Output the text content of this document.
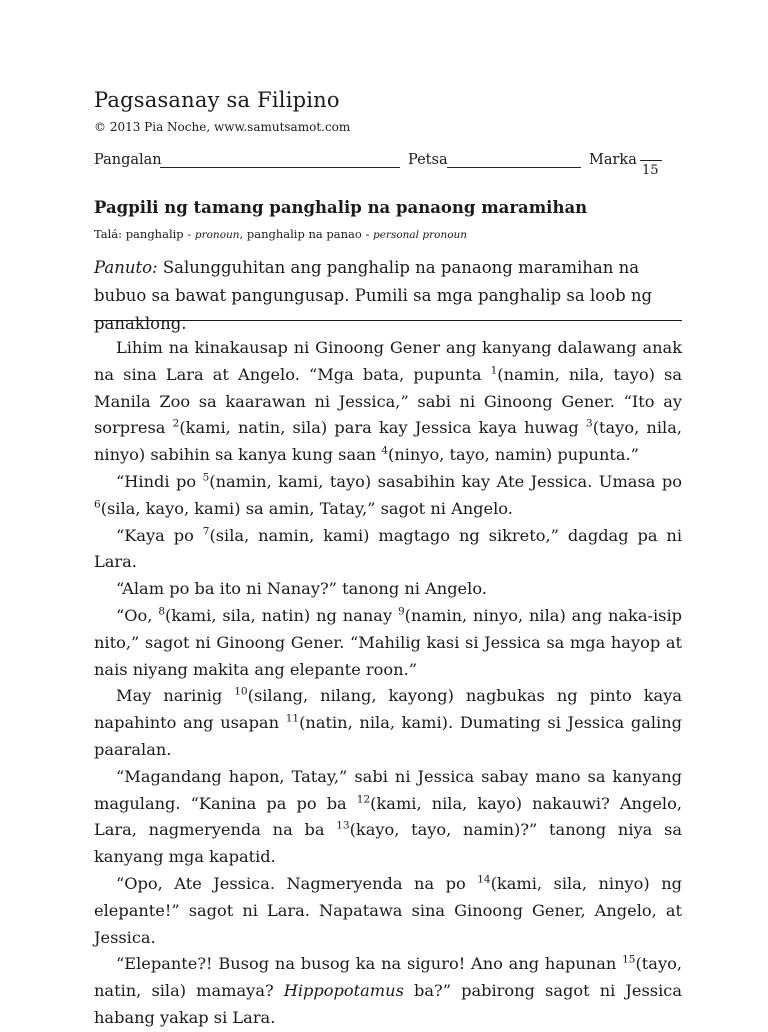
Pagsasanay sa Filipino
© 2013 Pia Noche, www.samutsamot.com
Pangalan	Petsa	Marka
15
Pagpili ng tamang panghalip na panaong maramihan
Talá: panghalip - pronoun, panghalip na panao - personal pronoun

Panuto: Salungguhitan ang panghalip na panaong maramihan na bubuo sa bawat pangungusap. Pumili sa mga panghalip sa loob ng panaklong.

Lihim na kinakausap ni Ginoong Gener ang kanyang dalawang anak na sina Lara at Angelo. “Mga bata, pupunta $^1$(namin, nila, tayo) sa Manila Zoo sa kaarawan ni Jessica,” sabi ni Ginoong Gener. “Ito ay sorpresa $^2$(kami, natin, sila) para kay Jessica kaya huwag $^3$(tayo, nila, ninyo) sabihin sa kanya kung saan $^4$(ninyo, tayo, namin) pupunta.”

“Hindi po $^5$(namin, kami, tayo) sasabihin kay Ate Jessica. Umasa po $^6$(sila, kayo, kami) sa amin, Tatay,” sagot ni Angelo.

“Kaya po $^7$(sila, namin, kami) magtago ng sikreto,” dagdag pa ni Lara.

“Alam po ba ito ni Nanay?” tanong ni Angelo.

“Oo, $^8$(kami, sila, natin) ng nanay $^9$(namin, ninyo, nila) ang naka-isip nito,” sagot ni Ginoong Gener. “Mahilig kasi si Jessica sa mga hayop at nais niyang makita ang elepante roon.”

May narinig $^{10}$(silang, nilang, kayong) nagbukas ng pinto kaya napahinto ang usapan $^{11}$(natin, nila, kami). Dumating si Jessica galing paaralan.

“Magandang hapon, Tatay,” sabi ni Jessica sabay mano sa kanyang magulang. “Kanina pa po ba $^{12}$(kami, nila, kayo) nakauwi? Angelo, Lara, nagmeryenda na ba $^{13}$(kayo, tayo, namin)?” tanong niya sa kanyang mga kapatid.

“Opo, Ate Jessica. Nagmeryenda na po $^{14}$(kami, sila, ninyo) ng elepante!” sagot ni Lara. Napatawa sina Ginoong Gener, Angelo, at Jessica.

“Elepante?! Busog na busog ka na siguro! Ano ang hapunan $^{15}$(tayo, natin, sila) mamaya? Hippopotamus ba?” pabirong sagot ni Jessica habang yakap si Lara.
